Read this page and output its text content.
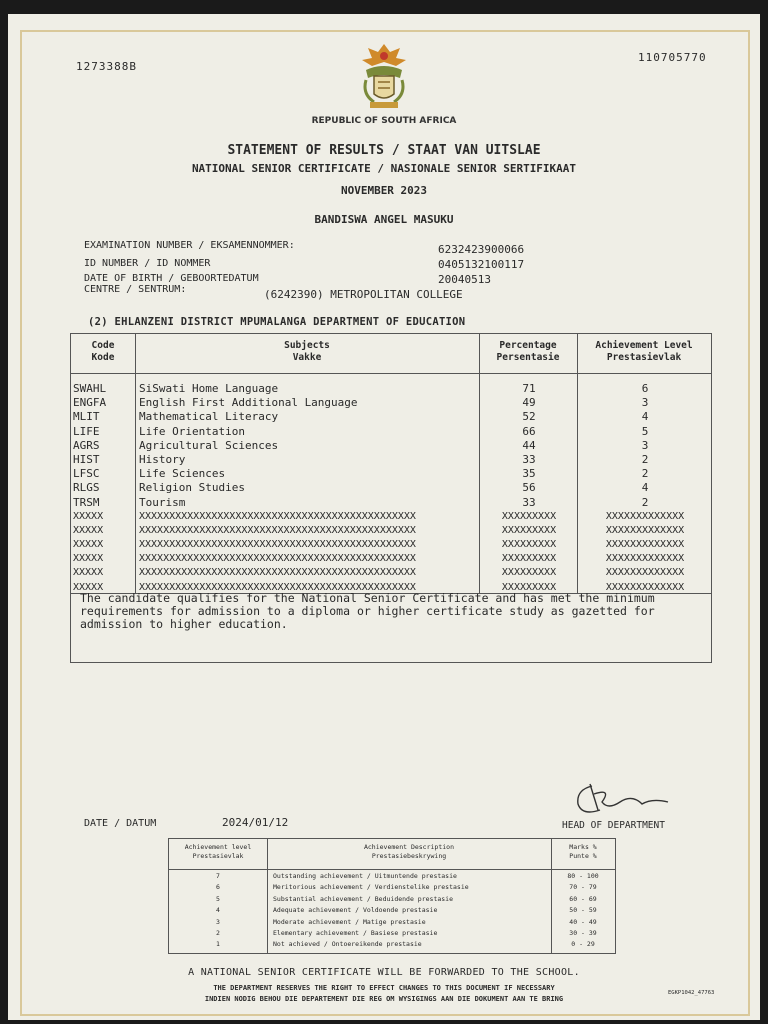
1273388B
110705770
REPUBLIC OF SOUTH AFRICA
STATEMENT OF RESULTS / STAAT VAN UITSLAE
NATIONAL SENIOR CERTIFICATE / NASIONALE SENIOR SERTIFIKAAT
NOVEMBER 2023
BANDISWA ANGEL MASUKU
EXAMINATION NUMBER / EKSAMENNOMMER:	6232423900066
ID NUMBER / ID NOMMER	0405132100117
DATE OF BIRTH / GEBOORTEDATUM	20040513
CENTRE / SENTRUM:	(6242390) METROPOLITAN COLLEGE
(2) EHLANZENI DISTRICT MPUMALANGA DEPARTMENT OF EDUCATION
Code
Kode
Subjects
Vakke
Percentage
Persentasie
Achievement Level
Prestasievlak
SWAHL	SiSwati Home Language	71	6
ENGFA	English First Additional Language	49	3
MLIT	Mathematical Literacy	52	4
LIFE	Life Orientation	66	5
AGRS	Agricultural Sciences	44	3
HIST	History	33	2
LFSC	Life Sciences	35	2
RLGS	Religion Studies	56	4
TRSM	Tourism	33	2
XXXXX	XXXXXXXXXXXXXXXXXXXXXXXXXXXXXXXXXXXXXXXXXXXXXX	XXXXXXXXX	XXXXXXXXXXXXX
XXXXX	XXXXXXXXXXXXXXXXXXXXXXXXXXXXXXXXXXXXXXXXXXXXXX	XXXXXXXXX	XXXXXXXXXXXXX
XXXXX	XXXXXXXXXXXXXXXXXXXXXXXXXXXXXXXXXXXXXXXXXXXXXX	XXXXXXXXX	XXXXXXXXXXXXX
XXXXX	XXXXXXXXXXXXXXXXXXXXXXXXXXXXXXXXXXXXXXXXXXXXXX	XXXXXXXXX	XXXXXXXXXXXXX
XXXXX	XXXXXXXXXXXXXXXXXXXXXXXXXXXXXXXXXXXXXXXXXXXXXX	XXXXXXXXX	XXXXXXXXXXXXX
XXXXX	XXXXXXXXXXXXXXXXXXXXXXXXXXXXXXXXXXXXXXXXXXXXXX	XXXXXXXXX	XXXXXXXXXXXXX
The candidate qualifies for the National Senior Certificate and has met the minimum requirements for admission to a diploma or higher certificate study as gazetted for admission to higher education.
DATE / DATUM	2024/01/12	HEAD OF DEPARTMENT
Achievement level
Prestasievlak
Achievement Description
Prestasiebeskrywing
Marks %
Punte %
7	Outstanding achievement / Uitmuntende prestasie	80 - 100
6	Meritorious achievement / Verdienstelike prestasie	70 - 79
5	Substantial achievement / Beduidende prestasie	60 - 69
4	Adequate achievement / Voldoende prestasie	50 - 59
3	Moderate achievement / Matige prestasie	40 - 49
2	Elementary achievement / Basiese prestasie	30 - 39
1	Not achieved / Ontoereikende prestasie	0 - 29
A NATIONAL SENIOR CERTIFICATE WILL BE FORWARDED TO THE SCHOOL.
THE DEPARTMENT RESERVES THE RIGHT TO EFFECT CHANGES TO THIS DOCUMENT IF NECESSARY
INDIEN NODIG BEHOU DIE DEPARTEMENT DIE REG OM WYSIGINGS AAN DIE DOKUMENT AAN TE BRING
EGKP1042_47763
